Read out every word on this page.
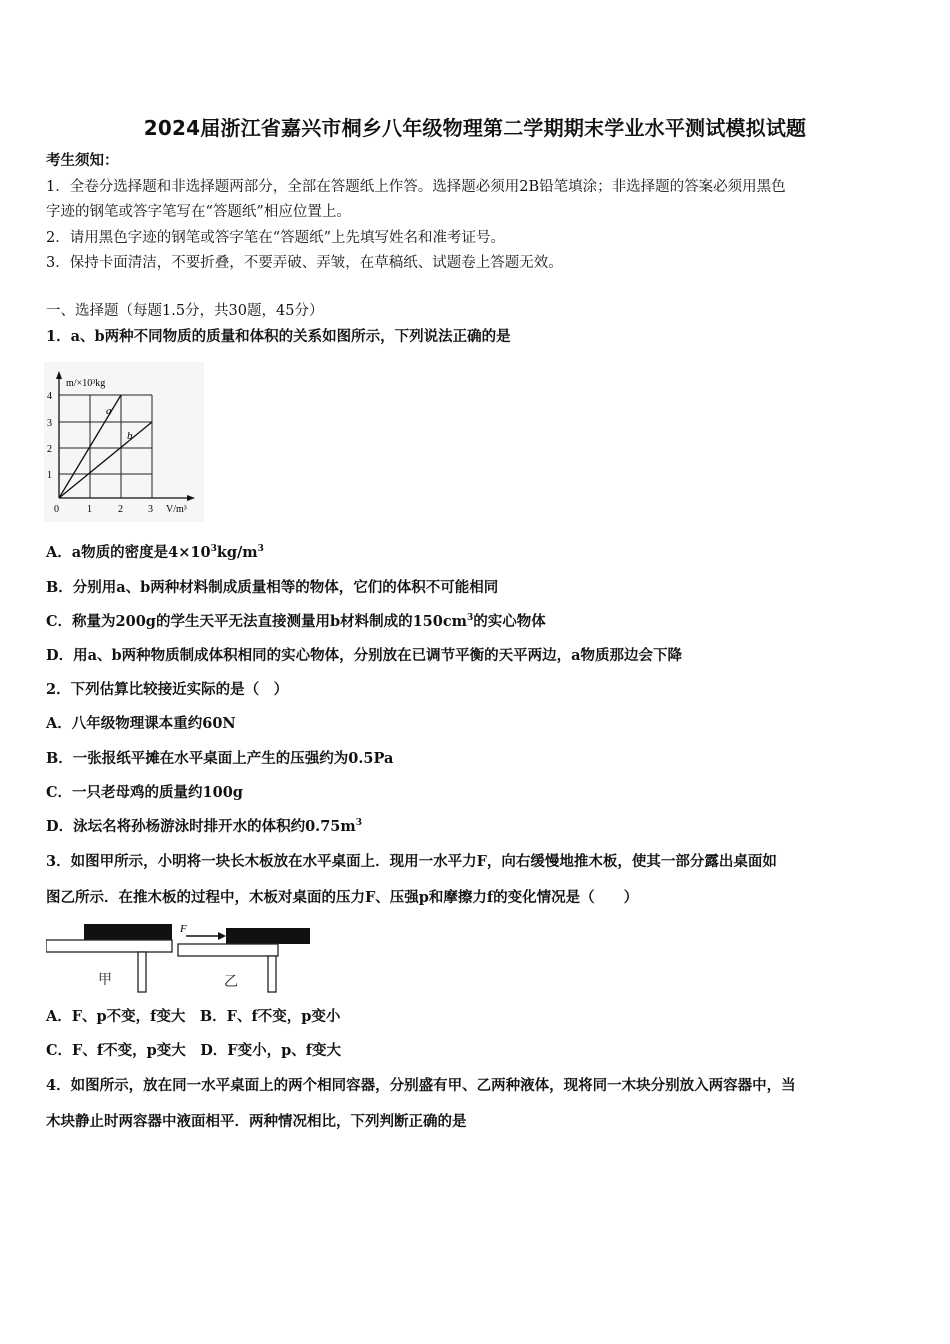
2024届浙江省嘉兴市桐乡八年级物理第二学期期末学业水平测试模拟试题
考生须知：
1．全卷分选择题和非选择题两部分，全部在答题纸上作答。选择题必须用2B铅笔填涂；非选择题的答案必须用黑色
字迹的钢笔或答字笔写在“答题纸”相应位置上。
2．请用黑色字迹的钢笔或答字笔在“答题纸”上先填写姓名和准考证号。
3．保持卡面清洁，不要折叠，不要弄破、弄皱，在草稿纸、试题卷上答题无效。
一、选择题（每题1.5分，共30题，45分）
1．a、b两种不同物质的质量和体积的关系如图所示，下列说法正确的是
a
b
m/×10³kg
V/m³
4
3
2
1
0	1	2	3
A．a物质的密度是$4\times 10^3kg/m^3$
B．分别用a、b两种材料制成质量相等的物体，它们的体积不可能相同
C．称量为200g的学生天平无法直接测量用b材料制成的$150cm^3$的实心物体
D．用a、b两种物质制成体积相同的实心物体，分别放在已调节平衡的天平两边，a物质那边会下降
2．下列估算比较接近实际的是（　）
A．八年级物理课本重约60N
B．一张报纸平摊在水平桌面上产生的压强约为0.5Pa
C．一只老母鸡的质量约100g
D．泳坛名将孙杨游泳时排开水的体积约$0.75m^3$
3．如图甲所示，小明将一块长木板放在水平桌面上．现用一水平力F，向右缓慢地推木板，使其一部分露出桌面如
图乙所示．在推木板的过程中，木板对桌面的压力F、压强p和摩擦力f的变化情况是（　　）
甲
F
乙
A．F、p不变，f变大　B．F、f不变，p变小
C．F、f不变，p变大　D．F变小，p、f变大
4．如图所示，放在同一水平桌面上的两个相同容器，分别盛有甲、乙两种液体，现将同一木块分别放入两容器中，当
木块静止时两容器中液面相平．两种情况相比，下列判断正确的是
